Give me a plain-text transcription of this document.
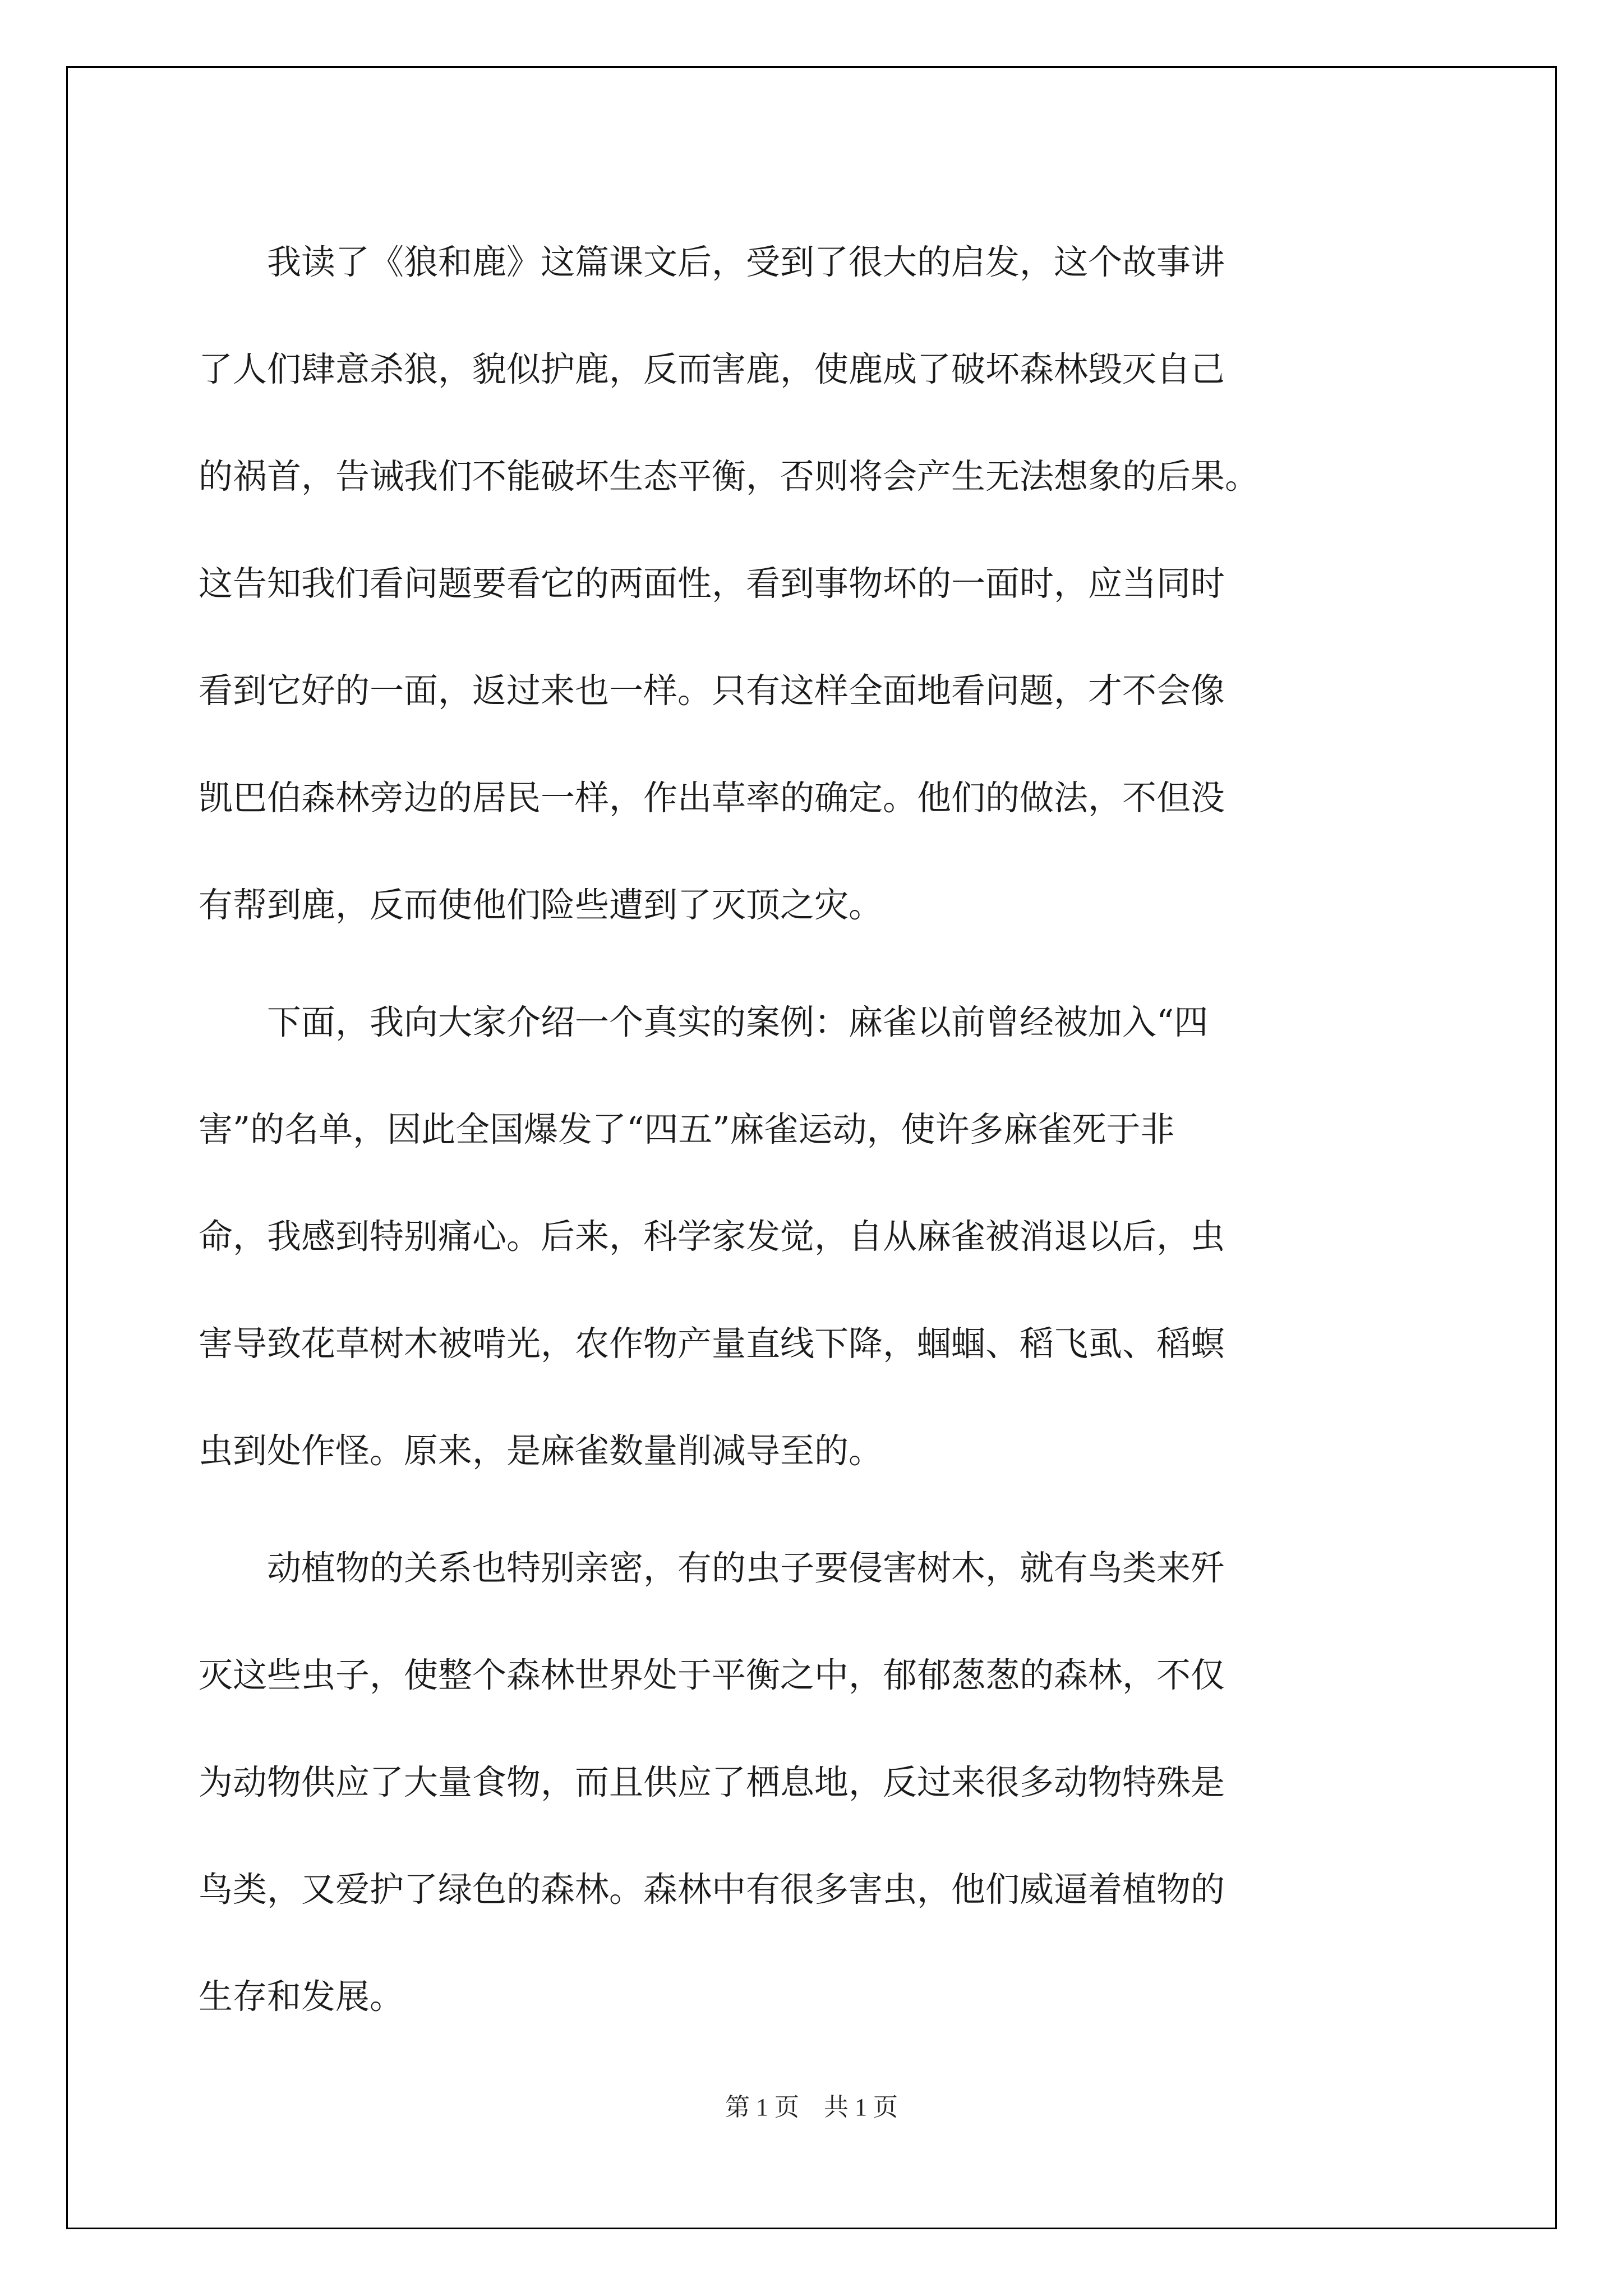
我读了《狼和鹿》这篇课文后，受到了很大的启发，这个故事讲
了人们肆意杀狼，貌似护鹿，反而害鹿，使鹿成了破坏森林毁灭自己
的祸首，告诫我们不能破坏生态平衡，否则将会产生无法想象的后果。
这告知我们看问题要看它的两面性，看到事物坏的一面时，应当同时
看到它好的一面，返过来也一样。只有这样全面地看问题，才不会像
凯巴伯森林旁边的居民一样，作出草率的确定。他们的做法，不但没
有帮到鹿，反而使他们险些遭到了灭顶之灾。

下面，我向大家介绍一个真实的案例：麻雀以前曾经被加入“四
害”的名单，因此全国爆发了“四五”麻雀运动，使许多麻雀死于非
命，我感到特别痛心。后来，科学家发觉，自从麻雀被消退以后，虫
害导致花草树木被啃光，农作物产量直线下降，蝈蝈、稻飞虱、稻螟
虫到处作怪。原来，是麻雀数量削减导至的。

动植物的关系也特别亲密，有的虫子要侵害树木，就有鸟类来歼
灭这些虫子，使整个森林世界处于平衡之中，郁郁葱葱的森林，不仅
为动物供应了大量食物，而且供应了栖息地，反过来很多动物特殊是
鸟类，又爱护了绿色的森林。森林中有很多害虫，他们威逼着植物的
生存和发展。

第 1 页 共 1 页
